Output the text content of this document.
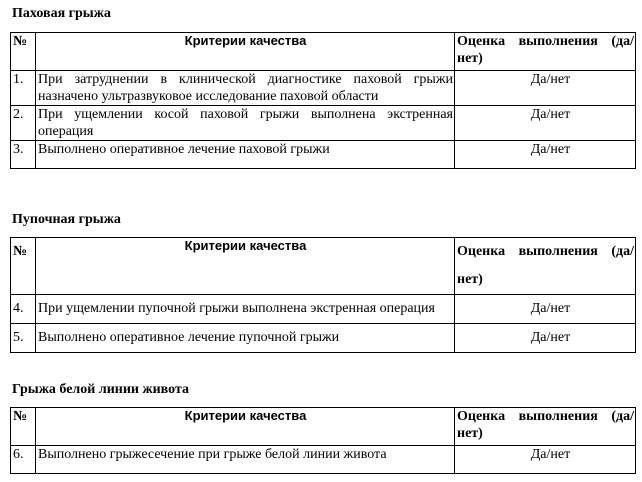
Паховая грыжа
№	Критерии качества	Оценка выполнения (да/нет)
1.	При затруднении в клинической диагностике паховой грыжи назначено ультразвуковое исследование паховой области	Да/нет
2.	При ущемлении косой паховой грыжи выполнена экстренная операция	Да/нет
3.	Выполнено оперативное лечение паховой грыжи	Да/нет
Пупочная грыжа
№	Критерии качества	Оценка выполнения (да/нет)
4.	При ущемлении пупочной грыжи выполнена экстренная операция	Да/нет
5.	Выполнено оперативное лечение пупочной грыжи	Да/нет
Грыжа белой линии живота
№	Критерии качества	Оценка выполнения (да/нет)
6.	Выполнено грыжесечение при грыже белой линии живота	Да/нет
